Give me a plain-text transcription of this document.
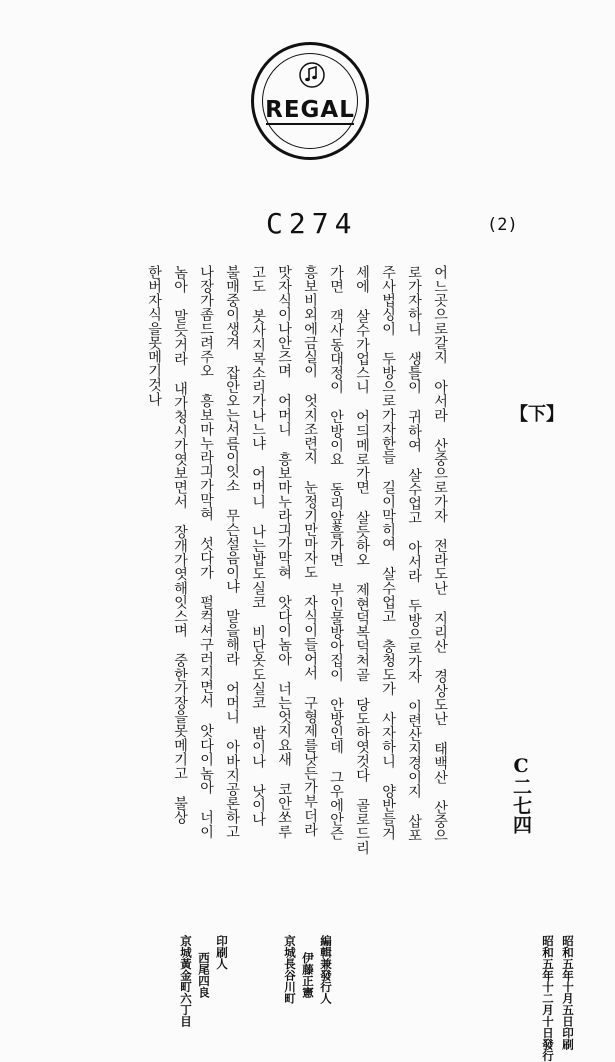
REGAL
C274	(2)
【下】
어느곳으로갈지 아서라 산중으로가자 전라도난 지리산 경상도난 태백산 산중으
로가자하니 생틀이 귀하여 살수업고 아서라 두방으로가자 이련산지경이지 삽포
주사법싱이 두방으로가자한들 길이막히여 살수업고 충청도가 사자하니 양반들거
세에 살수가업스니 어듸메로가면 살듯하오 제현덕복덕처골 당도하엿것다 골로드리
가면 객사동대정이 안방이요 동리앞흘가면 부인물방아집이 안방인데 그우에안즌
흥보비외에금실이 엇지조련지 눈정기만마자도 자식이들어서 구형제를낫든가부더라
맛자식이나안즈며 어머니 흥보마누라긔가막혀 앗다이놈아 너는엇지요새 코안쏘루
고도 봇사지목소리가나느냐 어머니 나는밥도실코 비단옷도실코 밤이나 낫이나
불매중이생겨 잡안오는서름이잇소 무슨설음이냐 말을해라 어머니 아바지공론하고
나장가좀드려주오 흥보마누라긔가막혀 섯다가 펄컥셔구러지면서 앗다이놈아 너이
놈아 말듯거라 내가청시가엿보면서 장개가엿해잇스며 중한가장을못메기고 불상
한버자식을못메기것나
C二七四
昭和五年十月五日印刷
昭和五年十二月十日發行
編輯兼發行人
伊藤正憲
京城長谷川町
印刷人
西尾四良
京城黃金町六丁目
